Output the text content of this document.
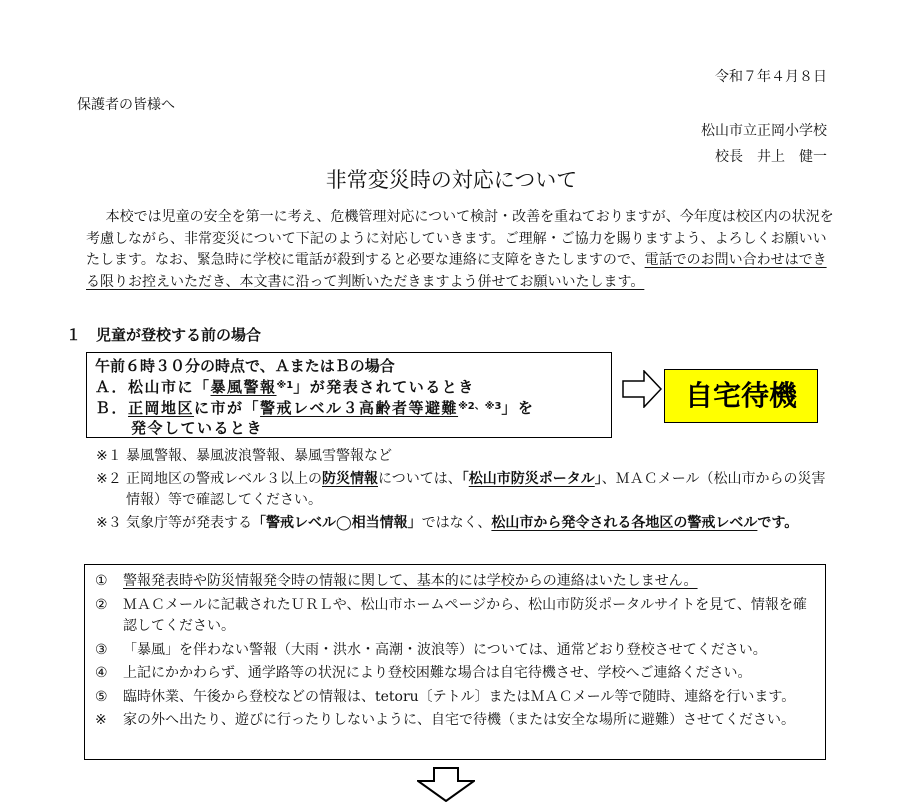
令和７年４月８日
保護者の皆様へ
松山市立正岡小学校
校長　井上　健一
非常変災時の対応について

本校では児童の安全を第一に考え、危機管理対応について検討・改善を重ねておりますが、今年度は校区内の状況を考慮しながら、非常変災について下記のように対応していきます。ご理解・ご協力を賜りますよう、よろしくお願いいたします。なお、緊急時に学校に電話が殺到すると必要な連絡に支障をきたしますので、電話でのお問い合わせはできる限りお控えいただき、本文書に沿って判断いただきますよう併せてお願いいたします。

１　児童が登校する前の場合
午前６時３０分の時点で、ＡまたはＢの場合
Ａ．松山市に「暴風警報$^{※1}$」が発表されているとき
Ｂ．正岡地区に市が「警戒レベル３高齢者等避難$^{※2、※3}$」を
発令しているとき
自宅待機
※１ 暴風警報、暴風波浪警報、暴風雪警報など
※２ 正岡地区の警戒レベル３以上の防災情報については、「松山市防災ポータル」、ＭＡＣメール（松山市からの災害情報）等で確認してください。
※３ 気象庁等が発表する「警戒レベル◯相当情報」ではなく、松山市から発令される各地区の警戒レベルです。
①	警報発表時や防災情報発令時の情報に関して、基本的には学校からの連絡はいたしません。
②	ＭＡＣメールに記載されたＵＲＬや、松山市ホームページから、松山市防災ポータルサイトを見て、情報を確認してください。
③	「暴風」を伴わない警報（大雨・洪水・高潮・波浪等）については、通常どおり登校させてください。
④	上記にかかわらず、通学路等の状況により登校困難な場合は自宅待機させ、学校へご連絡ください。
⑤	臨時休業、午後から登校などの情報は、tetoru〔テトル〕またはＭＡＣメール等で随時、連絡を行います。
※	家の外へ出たり、遊びに行ったりしないように、自宅で待機（または安全な場所に避難）させてください。
